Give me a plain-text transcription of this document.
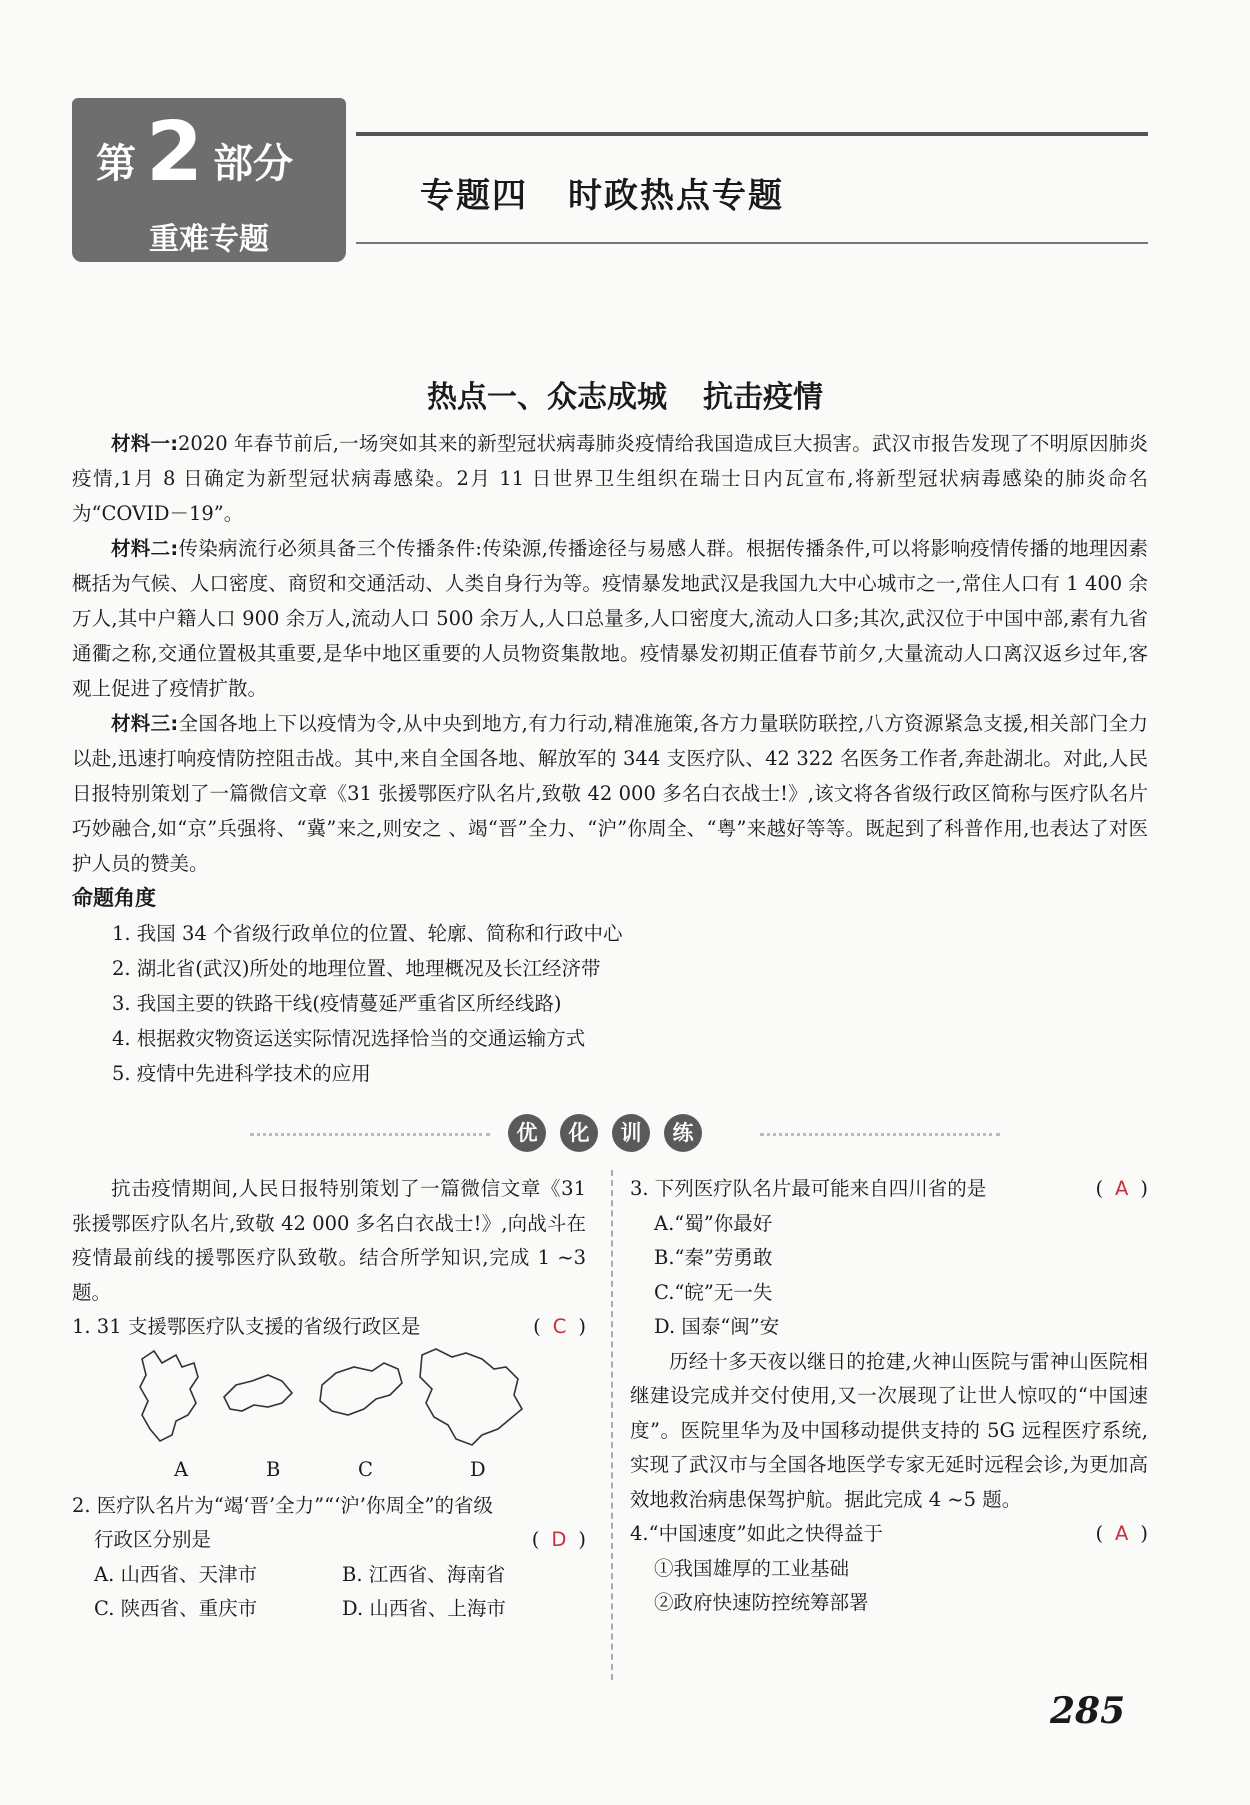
第 2 部分
重难专题
专题四 时政热点专题
热点一、众志成城 抗击疫情

材料一:2020 年春节前后,一场突如其来的新型冠状病毒肺炎疫情给我国造成巨大损害。武汉市报告发现了不明原因肺炎疫情,1月 8 日确定为新型冠状病毒感染。2月 11 日世界卫生组织在瑞士日内瓦宣布,将新型冠状病毒感染的肺炎命名为“COVID－19”。

材料二:传染病流行必须具备三个传播条件:传染源,传播途径与易感人群。根据传播条件,可以将影响疫情传播的地理因素概括为气候、人口密度、商贸和交通活动、人类自身行为等。疫情暴发地武汉是我国九大中心城市之一,常住人口有 1 400 余万人,其中户籍人口 900 余万人,流动人口 500 余万人,人口总量多,人口密度大,流动人口多;其次,武汉位于中国中部,素有九省通衢之称,交通位置极其重要,是华中地区重要的人员物资集散地。疫情暴发初期正值春节前夕,大量流动人口离汉返乡过年,客观上促进了疫情扩散。

材料三:全国各地上下以疫情为令,从中央到地方,有力行动,精准施策,各方力量联防联控,八方资源紧急支援,相关部门全力以赴,迅速打响疫情防控阻击战。其中,来自全国各地、解放军的 344 支医疗队、42 322 名医务工作者,奔赴湖北。对此,人民日报特别策划了一篇微信文章《31 张援鄂医疗队名片,致敬 42 000 多名白衣战士!》,该文将各省级行政区简称与医疗队名片巧妙融合,如“京”兵强将、“冀”来之,则安之 、竭“晋”全力、“沪”你周全、“粤”来越好等等。既起到了科普作用,也表达了对医护人员的赞美。

命题角度
1. 我国 34 个省级行政单位的位置、轮廓、简称和行政中心
2. 湖北省(武汉)所处的地理位置、地理概况及长江经济带
3. 我国主要的铁路干线(疫情蔓延严重省区所经线路)
4. 根据救灾物资运送实际情况选择恰当的交通运输方式
5. 疫情中先进科学技术的应用
优	化	训	练

抗击疫情期间,人民日报特别策划了一篇微信文章《31 张援鄂医疗队名片,致敬 42 000 多名白衣战士!》,向战斗在疫情最前线的援鄂医疗队致敬。结合所学知识,完成 1 ~3 题。

1. 31 支援鄂医疗队支援的省级行政区是	( C )
A	B	C	D
2. 医疗队名片为“竭‘晋’全力”“‘沪’你周全”的省级
行政区分别是	( D )
A. 山西省、天津市	B. 江西省、海南省
C. 陕西省、重庆市	D. 山西省、上海市
3. 下列医疗队名片最可能来自四川省的是	( A )

A.“蜀”你最好

B.“秦”劳勇敢

C.“皖”无一失

D. 国泰“闽”安

历经十多天夜以继日的抢建,火神山医院与雷神山医院相继建设完成并交付使用,又一次展现了让世人惊叹的“中国速度”。医院里华为及中国移动提供支持的 5G 远程医疗系统,实现了武汉市与全国各地医学专家无延时远程会诊,为更加高效地救治病患保驾护航。据此完成 4 ~5 题。

4.“中国速度”如此之快得益于	( A )

①我国雄厚的工业基础

②政府快速防控统筹部署

285
